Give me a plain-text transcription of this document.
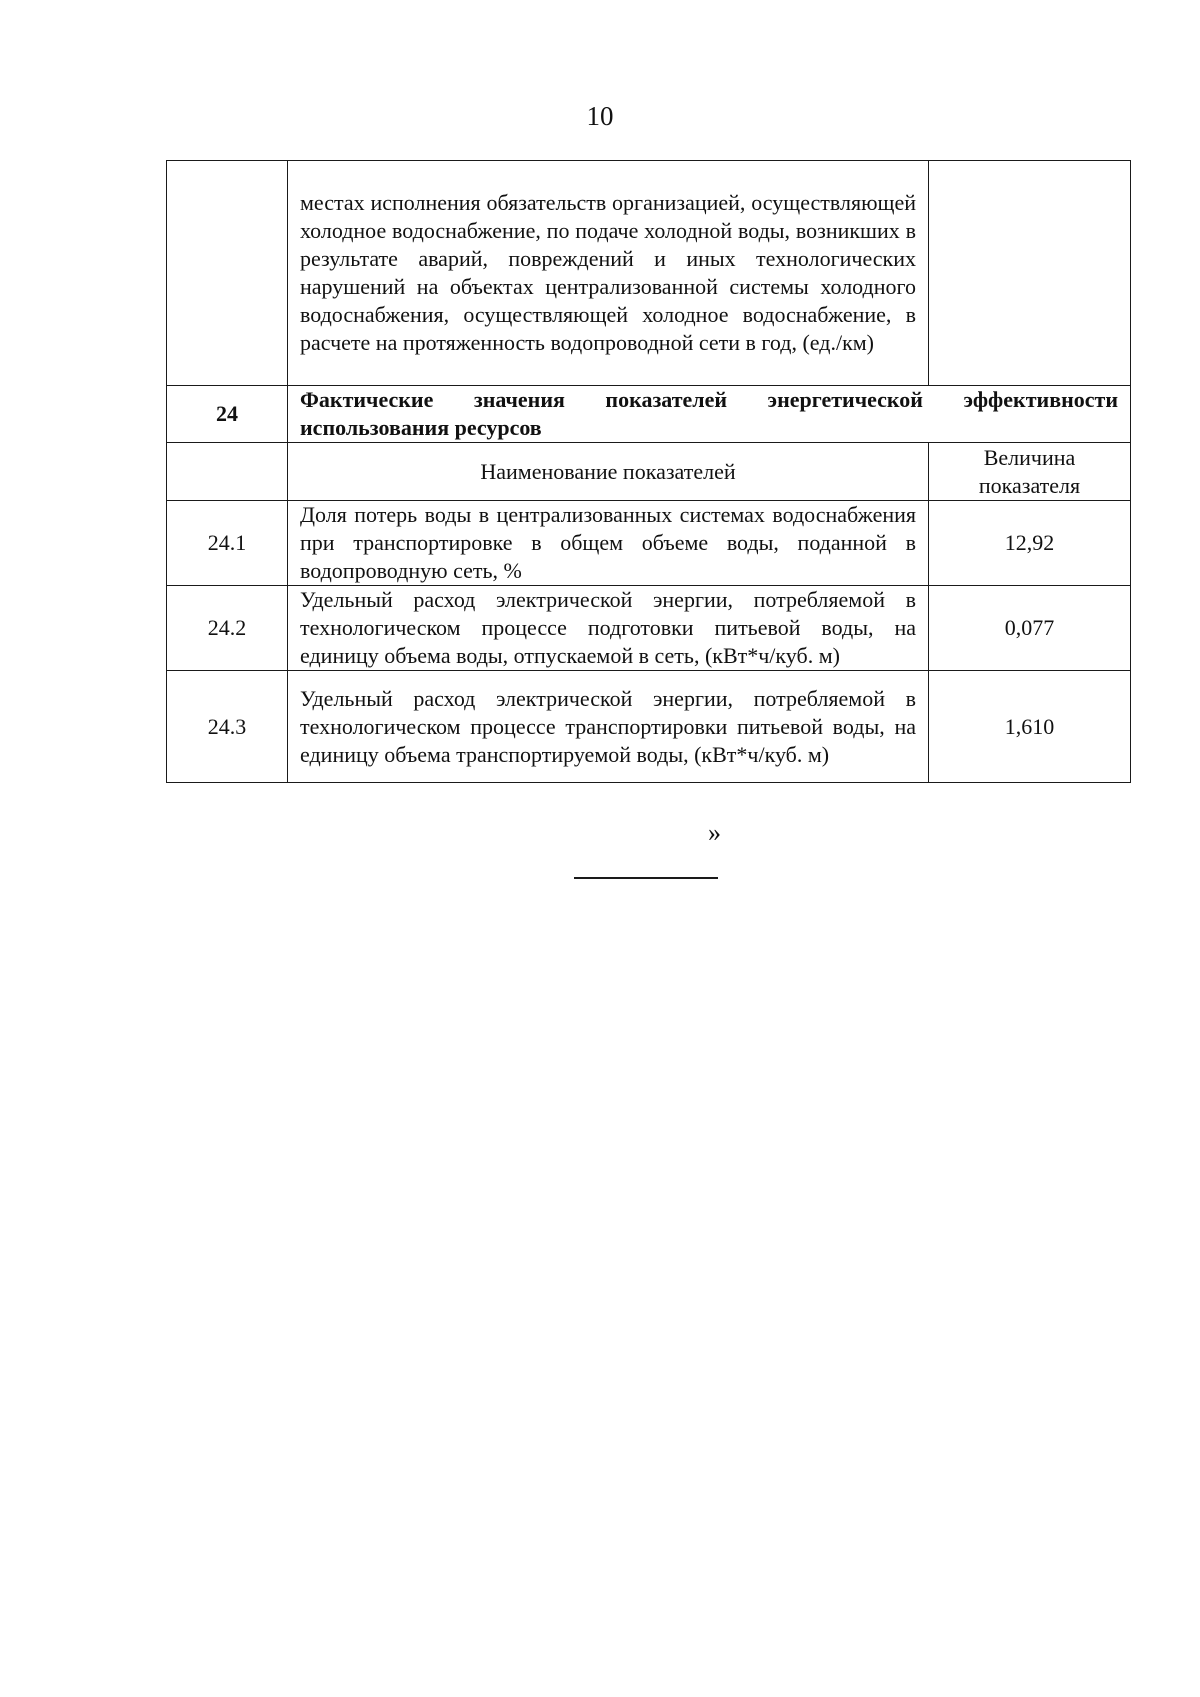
10
	местах исполнения обязательств организацией, осуществляющей холодное водоснабжение, по подаче холодной воды, возникших в результате аварий, повреждений и иных технологических нарушений на объектах централизованной системы холодного водоснабжения, осуществляющей холодное водоснабжение, в расчете на протяженность водопроводной сети в год, (ед./км)	
24	Фактические значения показателей энергетической эффективности использования ресурсов	
	Наименование показателей	Величина показателя
24.1	Доля потерь воды в централизованных системах водоснабжения при транспортировке в общем объеме воды, поданной в водопроводную сеть, %	12,92
24.2	Удельный расход электрической энергии, потребляемой в технологическом процессе подготовки питьевой воды, на единицу объема воды, отпускаемой в сеть, (кВт*ч/куб. м)	0,077
24.3	Удельный расход электрической энергии, потребляемой в технологическом процессе транспортировки питьевой воды, на единицу объема транспортируемой воды, (кВт*ч/куб. м)	1,610
»
